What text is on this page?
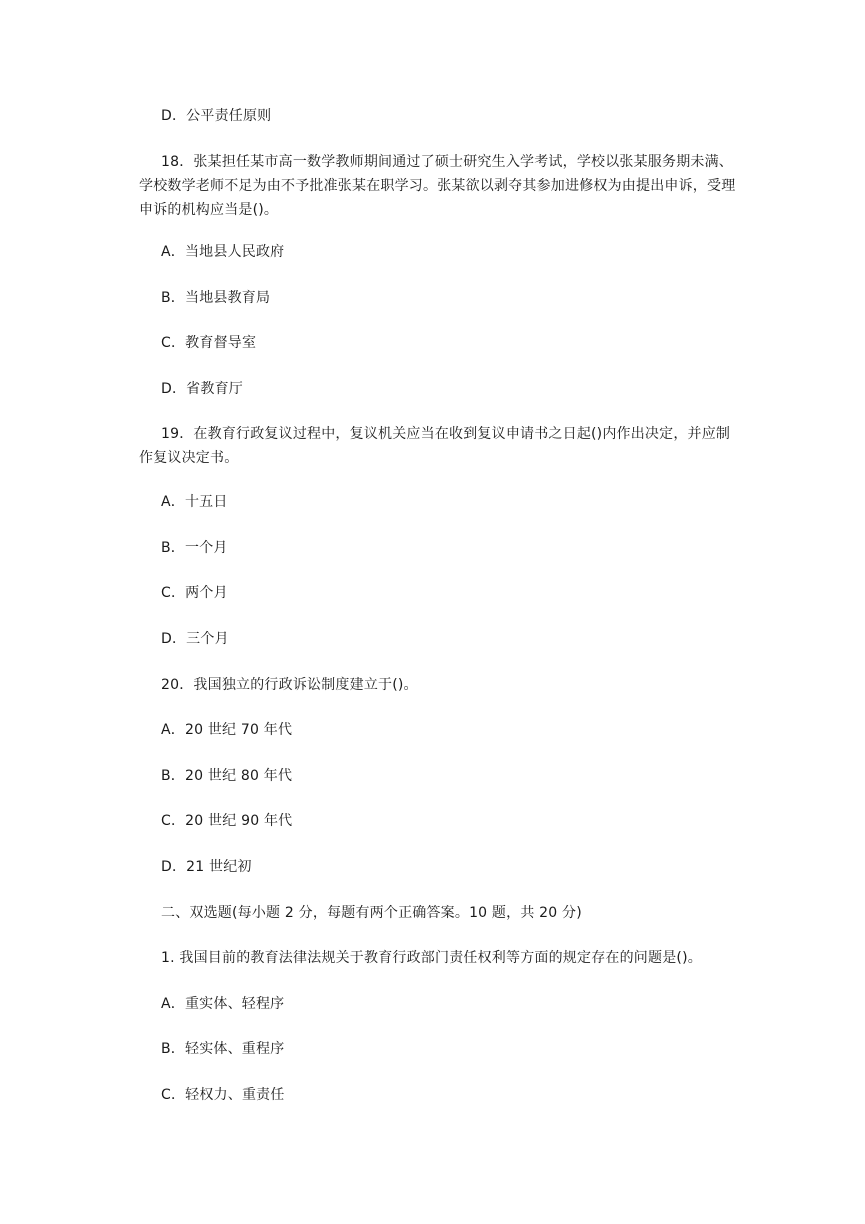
D．公平责任原则
18．张某担任某市高一数学教师期间通过了硕士研究生入学考试，学校以张某服务期未满、学校数学老师不足为由不予批准张某在职学习。张某欲以剥夺其参加进修权为由提出申诉，受理申诉的机构应当是()。
A．当地县人民政府
B．当地县教育局
C．教育督导室
D．省教育厅
19．在教育行政复议过程中，复议机关应当在收到复议申请书之日起()内作出决定，并应制作复议决定书。
A．十五日
B．一个月
C．两个月
D．三个月
20．我国独立的行政诉讼制度建立于()。
A．20 世纪 70 年代
B．20 世纪 80 年代
C．20 世纪 90 年代
D．21 世纪初
二、双选题(每小题 2 分，每题有两个正确答案。10 题，共 20 分)
1. 我国目前的教育法律法规关于教育行政部门责任权利等方面的规定存在的问题是()。
A．重实体、轻程序
B．轻实体、重程序
C．轻权力、重责任
